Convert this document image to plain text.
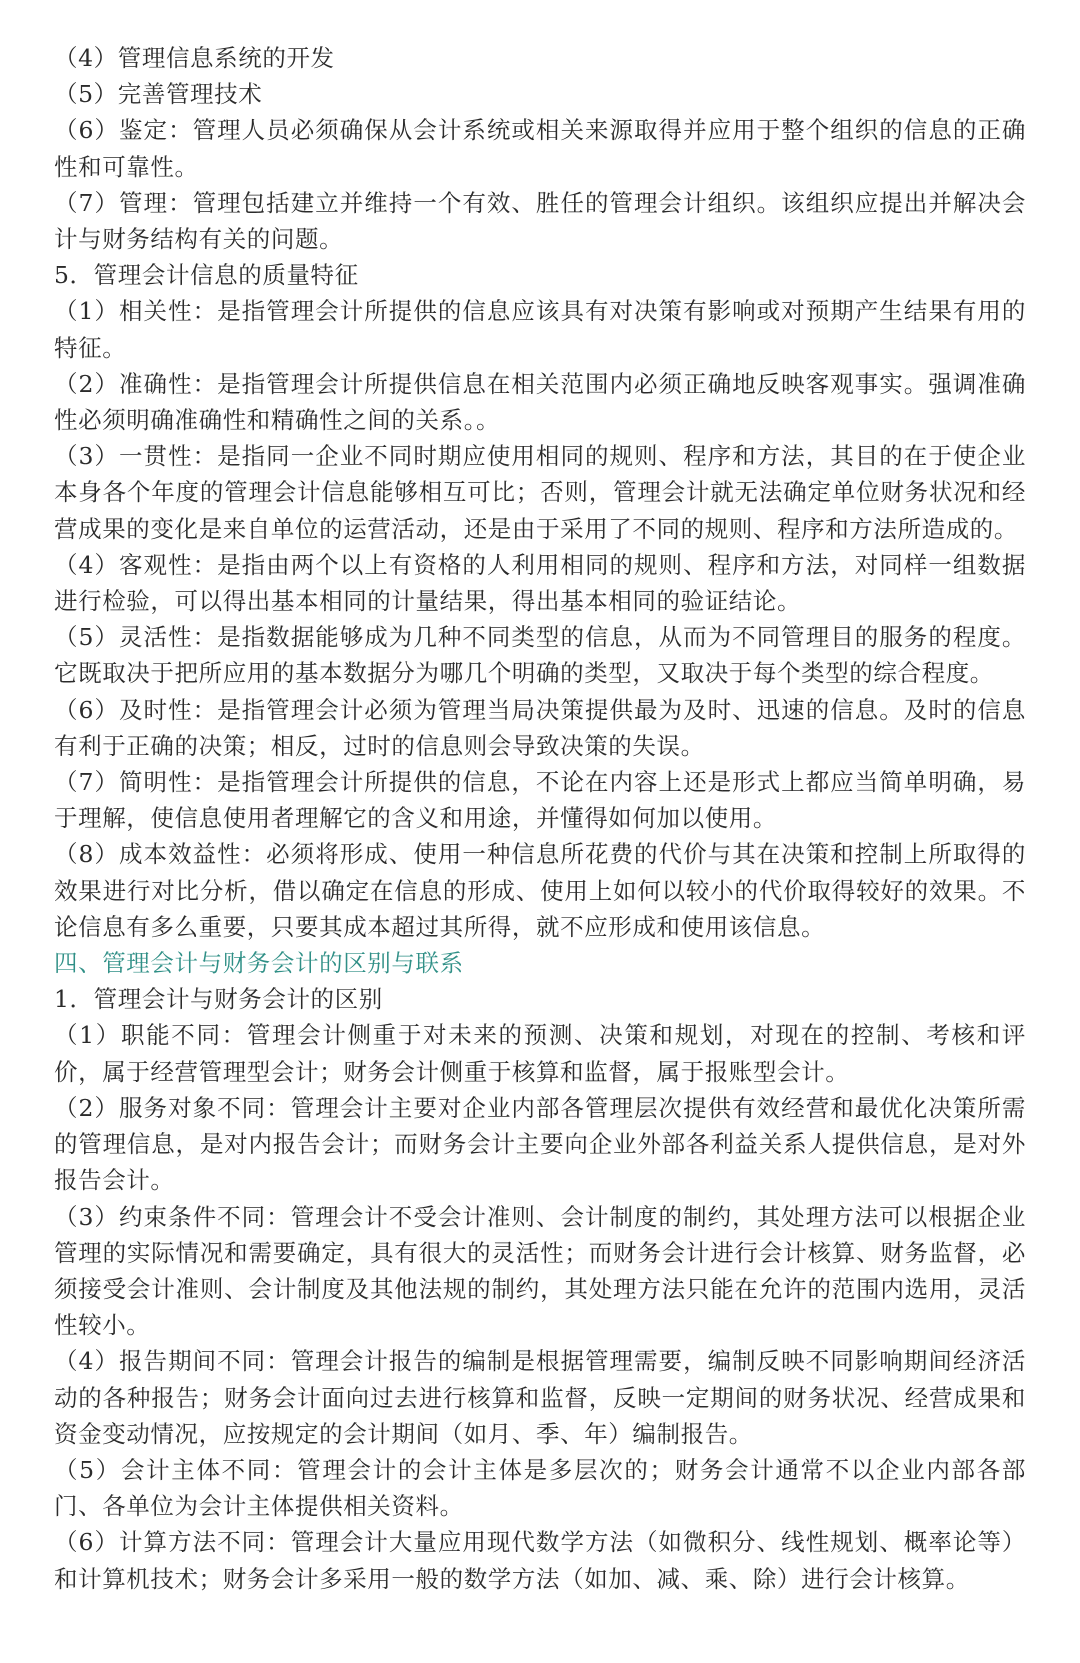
（4）管理信息系统的开发

（5）完善管理技术

（6）鉴定：管理人员必须确保从会计系统或相关来源取得并应用于整个组织的信息的正确性和可靠性。

（7）管理：管理包括建立并维持一个有效、胜任的管理会计组织。该组织应提出并解决会计与财务结构有关的问题。

5．管理会计信息的质量特征

（1）相关性：是指管理会计所提供的信息应该具有对决策有影响或对预期产生结果有用的特征。

（2）准确性：是指管理会计所提供信息在相关范围内必须正确地反映客观事实。强调准确性必须明确准确性和精确性之间的关系。。

（3）一贯性：是指同一企业不同时期应使用相同的规则、程序和方法，其目的在于使企业本身各个年度的管理会计信息能够相互可比；否则，管理会计就无法确定单位财务状况和经营成果的变化是来自单位的运营活动，还是由于采用了不同的规则、程序和方法所造成的。

（4）客观性：是指由两个以上有资格的人利用相同的规则、程序和方法，对同样一组数据进行检验，可以得出基本相同的计量结果，得出基本相同的验证结论。

（5）灵活性：是指数据能够成为几种不同类型的信息，从而为不同管理目的服务的程度。它既取决于把所应用的基本数据分为哪几个明确的类型，又取决于每个类型的综合程度。

（6）及时性：是指管理会计必须为管理当局决策提供最为及时、迅速的信息。及时的信息有利于正确的决策；相反，过时的信息则会导致决策的失误。

（7）简明性：是指管理会计所提供的信息，不论在内容上还是形式上都应当简单明确，易于理解，使信息使用者理解它的含义和用途，并懂得如何加以使用。

（8）成本效益性：必须将形成、使用一种信息所花费的代价与其在决策和控制上所取得的效果进行对比分析，借以确定在信息的形成、使用上如何以较小的代价取得较好的效果。不论信息有多么重要，只要其成本超过其所得，就不应形成和使用该信息。

四、管理会计与财务会计的区别与联系

1．管理会计与财务会计的区别

（1）职能不同：管理会计侧重于对未来的预测、决策和规划，对现在的控制、考核和评价，属于经营管理型会计；财务会计侧重于核算和监督，属于报账型会计。

（2）服务对象不同：管理会计主要对企业内部各管理层次提供有效经营和最优化决策所需的管理信息，是对内报告会计；而财务会计主要向企业外部各利益关系人提供信息，是对外报告会计。

（3）约束条件不同：管理会计不受会计准则、会计制度的制约，其处理方法可以根据企业管理的实际情况和需要确定，具有很大的灵活性；而财务会计进行会计核算、财务监督，必须接受会计准则、会计制度及其他法规的制约，其处理方法只能在允许的范围内选用，灵活性较小。

（4）报告期间不同：管理会计报告的编制是根据管理需要，编制反映不同影响期间经济活动的各种报告；财务会计面向过去进行核算和监督，反映一定期间的财务状况、经营成果和资金变动情况，应按规定的会计期间（如月、季、年）编制报告。

（5）会计主体不同：管理会计的会计主体是多层次的；财务会计通常不以企业内部各部门、各单位为会计主体提供相关资料。

（6）计算方法不同：管理会计大量应用现代数学方法（如微积分、线性规划、概率论等）和计算机技术；财务会计多采用一般的数学方法（如加、减、乘、除）进行会计核算。
